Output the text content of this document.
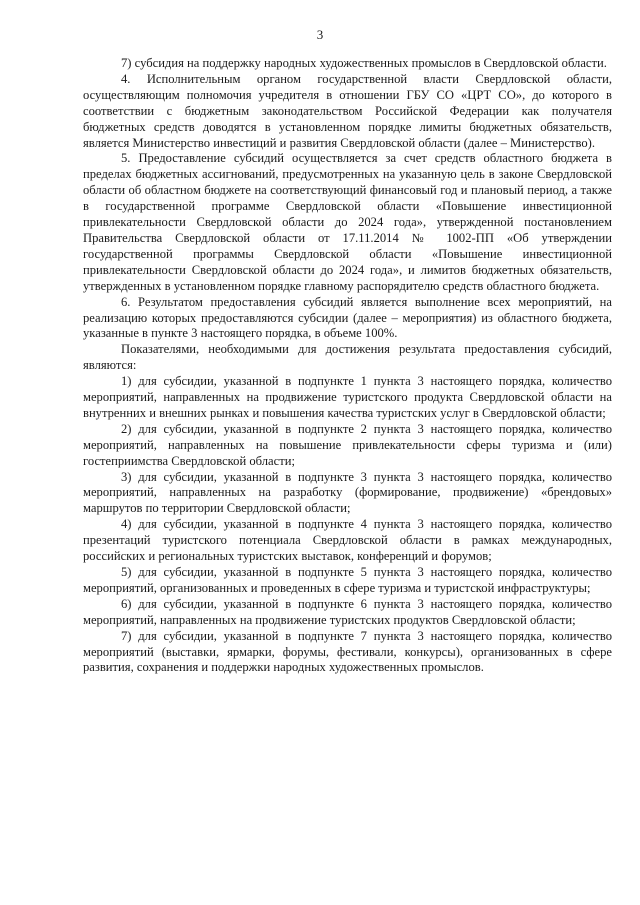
3

7) субсидия на поддержку народных художественных промыслов в Свердловской области.

4. Исполнительным органом государственной власти Свердловской области, осуществляющим полномочия учредителя в отношении ГБУ СО «ЦРТ СО», до которого в соответствии с бюджетным законодательством Российской Федерации как получателя бюджетных средств доводятся в установленном порядке лимиты бюджетных обязательств, является Министерство инвестиций и развития Свердловской области (далее – Министерство).

5. Предоставление субсидий осуществляется за счет средств областного бюджета в пределах бюджетных ассигнований, предусмотренных на указанную цель в законе Свердловской области об областном бюджете на соответствующий финансовый год и плановый период, а также в государственной программе Свердловской области «Повышение инвестиционной привлекательности Свердловской области до 2024 года», утвержденной постановлением Правительства Свердловской области от 17.11.2014 № 1002-ПП «Об утверждении государственной программы Свердловской области «Повышение инвестиционной привлекательности Свердловской области до 2024 года», и лимитов бюджетных обязательств, утвержденных в установленном порядке главному распорядителю средств областного бюджета.

6. Результатом предоставления субсидий является выполнение всех мероприятий, на реализацию которых предоставляются субсидии (далее – мероприятия) из областного бюджета, указанные в пункте 3 настоящего порядка, в объеме 100%.

Показателями, необходимыми для достижения результата предоставления субсидий, являются:

1) для субсидии, указанной в подпункте 1 пункта 3 настоящего порядка, количество мероприятий, направленных на продвижение туристского продукта Свердловской области на внутренних и внешних рынках и повышения качества туристских услуг в Свердловской области;

2) для субсидии, указанной в подпункте 2 пункта 3 настоящего порядка, количество мероприятий, направленных на повышение привлекательности сферы туризма и (или) гостеприимства Свердловской области;

3) для субсидии, указанной в подпункте 3 пункта 3 настоящего порядка, количество мероприятий, направленных на разработку (формирование, продвижение) «брендовых» маршрутов по территории Свердловской области;

4) для субсидии, указанной в подпункте 4 пункта 3 настоящего порядка, количество презентаций туристского потенциала Свердловской области в рамках международных, российских и региональных туристских выставок, конференций и форумов;

5) для субсидии, указанной в подпункте 5 пункта 3 настоящего порядка, количество мероприятий, организованных и проведенных в сфере туризма и туристской инфраструктуры;

6) для субсидии, указанной в подпункте 6 пункта 3 настоящего порядка, количество мероприятий, направленных на продвижение туристских продуктов Свердловской области;

7) для субсидии, указанной в подпункте 7 пункта 3 настоящего порядка, количество мероприятий (выставки, ярмарки, форумы, фестивали, конкурсы), организованных в сфере развития, сохранения и поддержки народных художественных промыслов.
